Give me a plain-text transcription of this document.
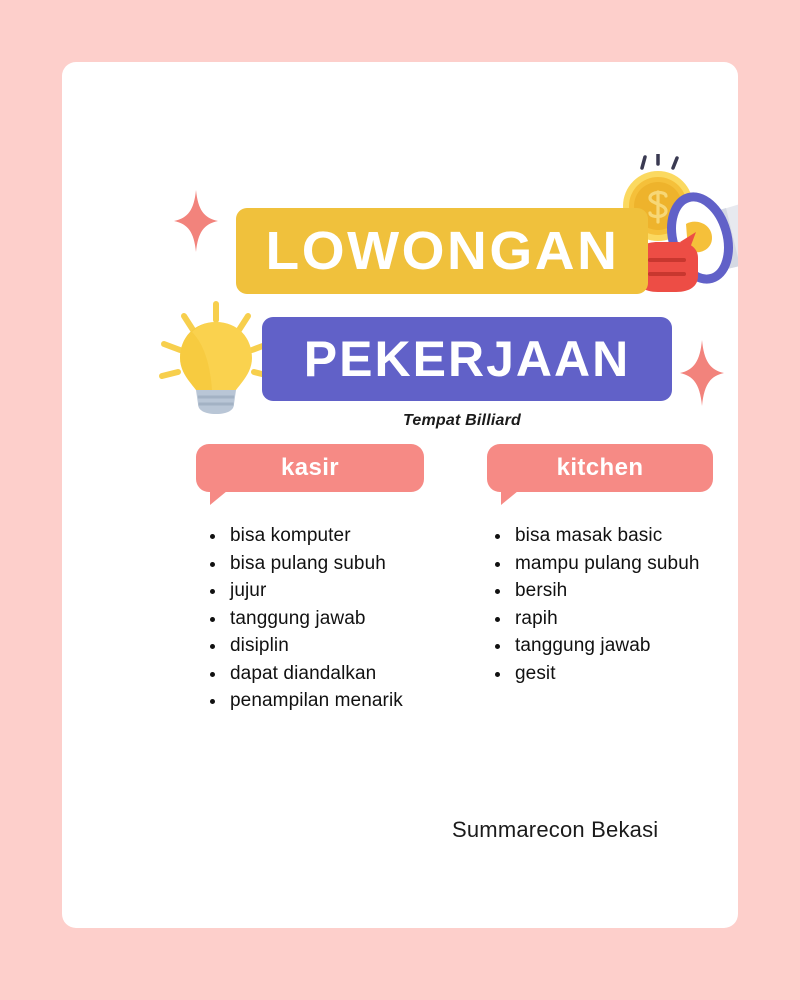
LOWONGAN
PEKERJAAN
Tempat Billiard
kasir	kitchen
bisa komputer
bisa pulang subuh
jujur
tanggung jawab
disiplin
dapat diandalkan
penampilan menarik
bisa masak basic
mampu pulang subuh
bersih
rapih
tanggung jawab
gesit
Summarecon Bekasi
